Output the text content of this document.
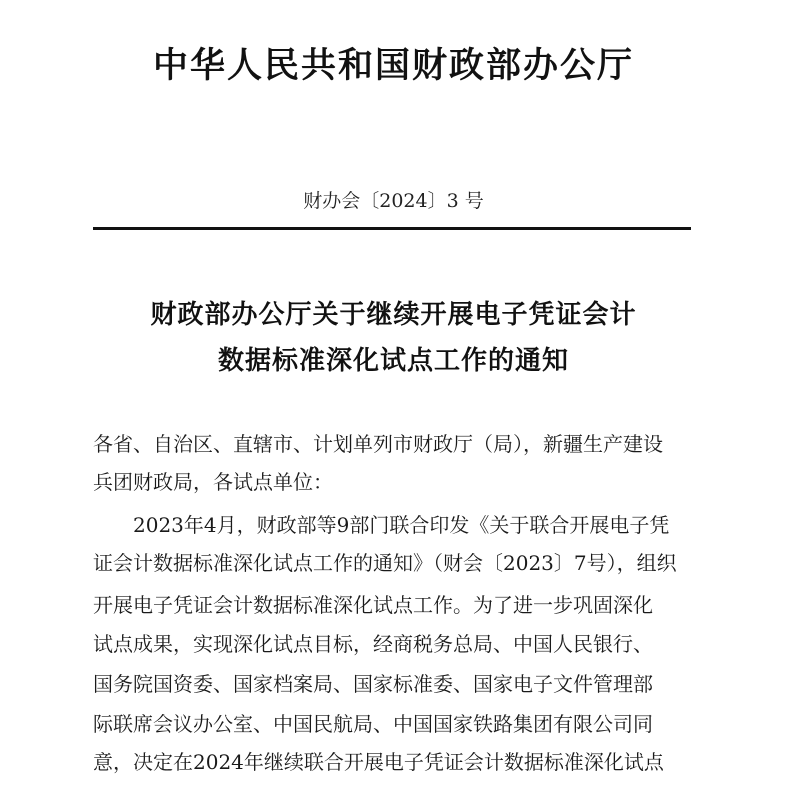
中华人民共和国财政部办公厅
财办会〔2024〕3 号
财政部办公厅关于继续开展电子凭证会计
数据标准深化试点工作的通知
各省、自治区、直辖市、计划单列市财政厅（局），新疆生产建设
兵团财政局，各试点单位：
　　2023年4月，财政部等9部门联合印发《关于联合开展电子凭
证会计数据标准深化试点工作的通知》（财会〔2023〕7号），组织
开展电子凭证会计数据标准深化试点工作。为了进一步巩固深化
试点成果，实现深化试点目标，经商税务总局、中国人民银行、
国务院国资委、国家档案局、国家标准委、国家电子文件管理部
际联席会议办公室、中国民航局、中国国家铁路集团有限公司同
意，决定在2024年继续联合开展电子凭证会计数据标准深化试点
